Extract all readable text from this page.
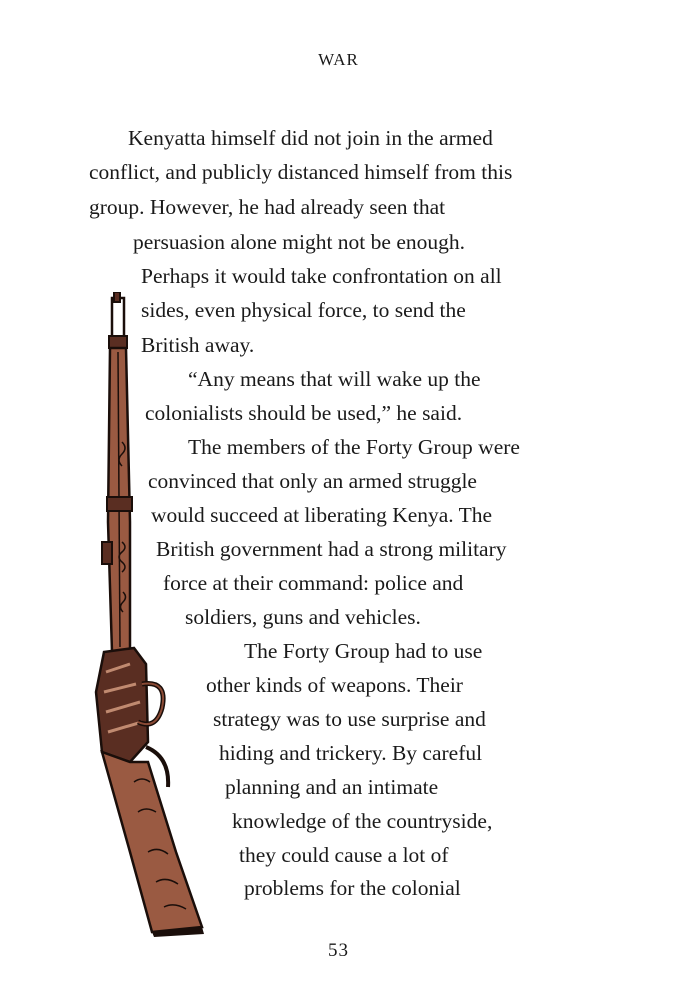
WAR
Kenyatta himself did not join in the armed
conflict, and publicly distanced himself from this
group. However, he had already seen that
persuasion alone might not be enough.
Perhaps it would take confrontation on all
sides, even physical force, to send the
British away.
“Any means that will wake up the
colonialists should be used,” he said.
The members of the Forty Group were
convinced that only an armed struggle
would succeed at liberating Kenya. The
British government had a strong military
force at their command: police and
soldiers, guns and vehicles.
The Forty Group had to use
other kinds of weapons. Their
strategy was to use surprise and
hiding and trickery. By careful
planning and an intimate
knowledge of the countryside,
they could cause a lot of
problems for the colonial
53
